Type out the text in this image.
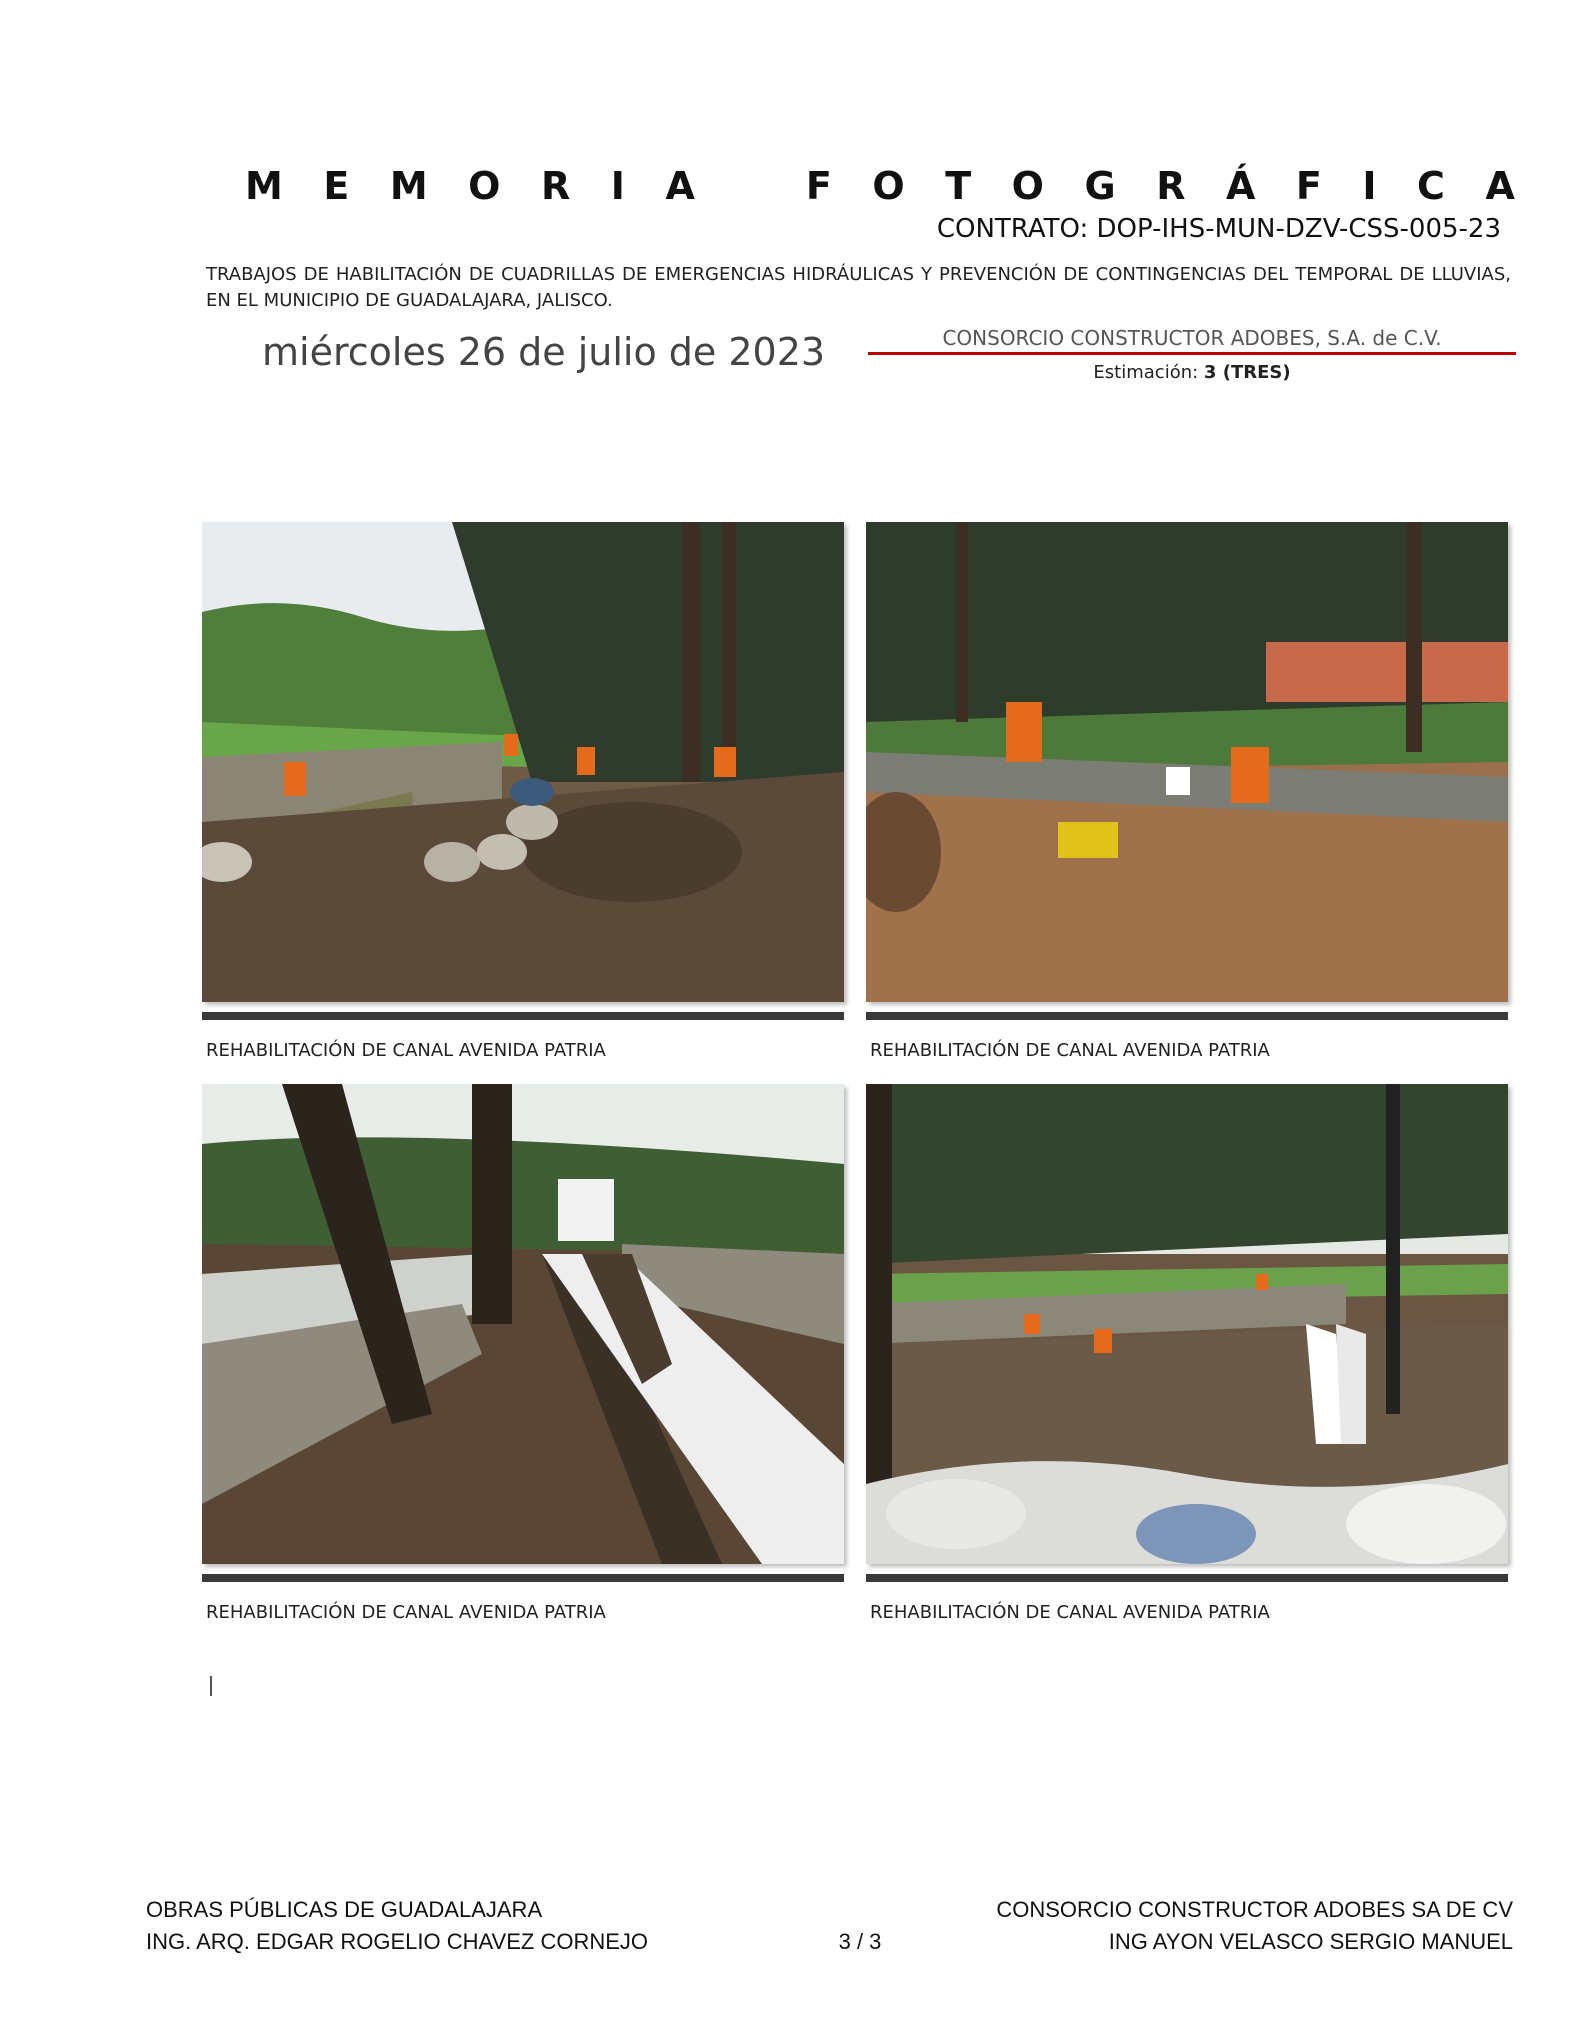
M E M O R I A	F O T O G R Á F I C A
CONTRATO: DOP-IHS-MUN-DZV-CSS-005-23
TRABAJOS DE HABILITACIÓN DE CUADRILLAS DE EMERGENCIAS HIDRÁULICAS Y PREVENCIÓN DE CONTINGENCIAS DEL TEMPORAL DE LLUVIAS, EN EL MUNICIPIO DE GUADALAJARA, JALISCO.
miércoles 26 de julio de 2023	CONSORCIO CONSTRUCTOR ADOBES, S.A. de C.V.
Estimación: 3 (TRES)
REHABILITACIÓN DE CANAL AVENIDA PATRIA	REHABILITACIÓN DE CANAL AVENIDA PATRIA
REHABILITACIÓN DE CANAL AVENIDA PATRIA	REHABILITACIÓN DE CANAL AVENIDA PATRIA
OBRAS PÚBLICAS DE GUADALAJARA
ING. ARQ. EDGAR ROGELIO CHAVEZ CORNEJO	3 / 3
CONSORCIO CONSTRUCTOR ADOBES SA DE CV
ING AYON VELASCO SERGIO MANUEL
